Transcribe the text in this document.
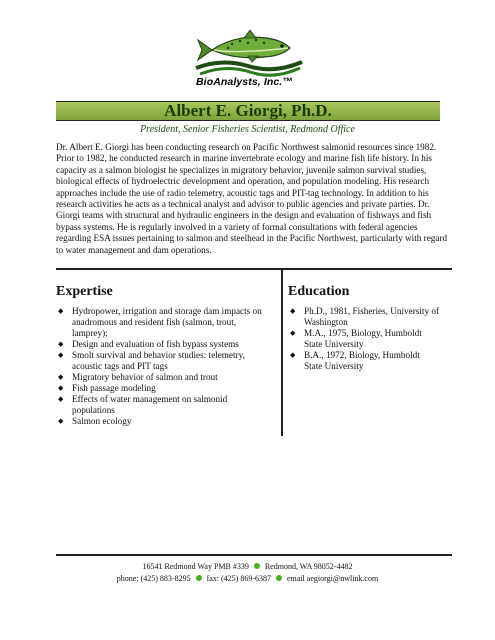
BioAnalysts, Inc.™
Albert E. Giorgi, Ph.D.
President, Senior Fisheries Scientist, Redmond Office

Dr. Albert E. Giorgi has been conducting research on Pacific Northwest salmonid resources since 1982. Prior to 1982, he conducted research in marine invertebrate ecology and marine fish life history. In his capacity as a salmon biologist he specializes in migratory behavior, juvenile salmon survival studies, biological effects of hydroelectric development and operation, and population modeling. His research approaches include the use of radio telemetry, acoustic tags and PIT-tag technology. In addition to his research activities he acts as a technical analyst and advisor to public agencies and private parties. Dr. Giorgi teams with structural and hydraulic engineers in the design and evaluation of fishways and fish bypass systems. He is regularly involved in a variety of formal consultations with federal agencies regarding ESA issues pertaining to salmon and steelhead in the Pacific Northwest, particularly with regard to water management and dam operations.

Expertise
◆ Hydropower, irrigation and storage dam impacts on anadromous and resident fish (salmon, trout, lamprey);
◆ Design and evaluation of fish bypass systems
◆ Smolt survival and behavior studies: telemetry, acoustic tags and PIT tags
◆ Migratory behavior of salmon and trout
◆ Fish passage modeling
◆ Effects of water management on salmonid populations
◆ Salmon ecology
Education
◆ Ph.D., 1981, Fisheries, University of Washington
◆ M.A., 1975, Biology, Humboldt State University
◆ B.A., 1972, Biology, Humboldt State University
16541 Redmond Way PMB #339 Redmond, WA 98052-4482
phone: (425) 883-8295 fax: (425) 869-6387 email aegiorgi@nwlink.com
